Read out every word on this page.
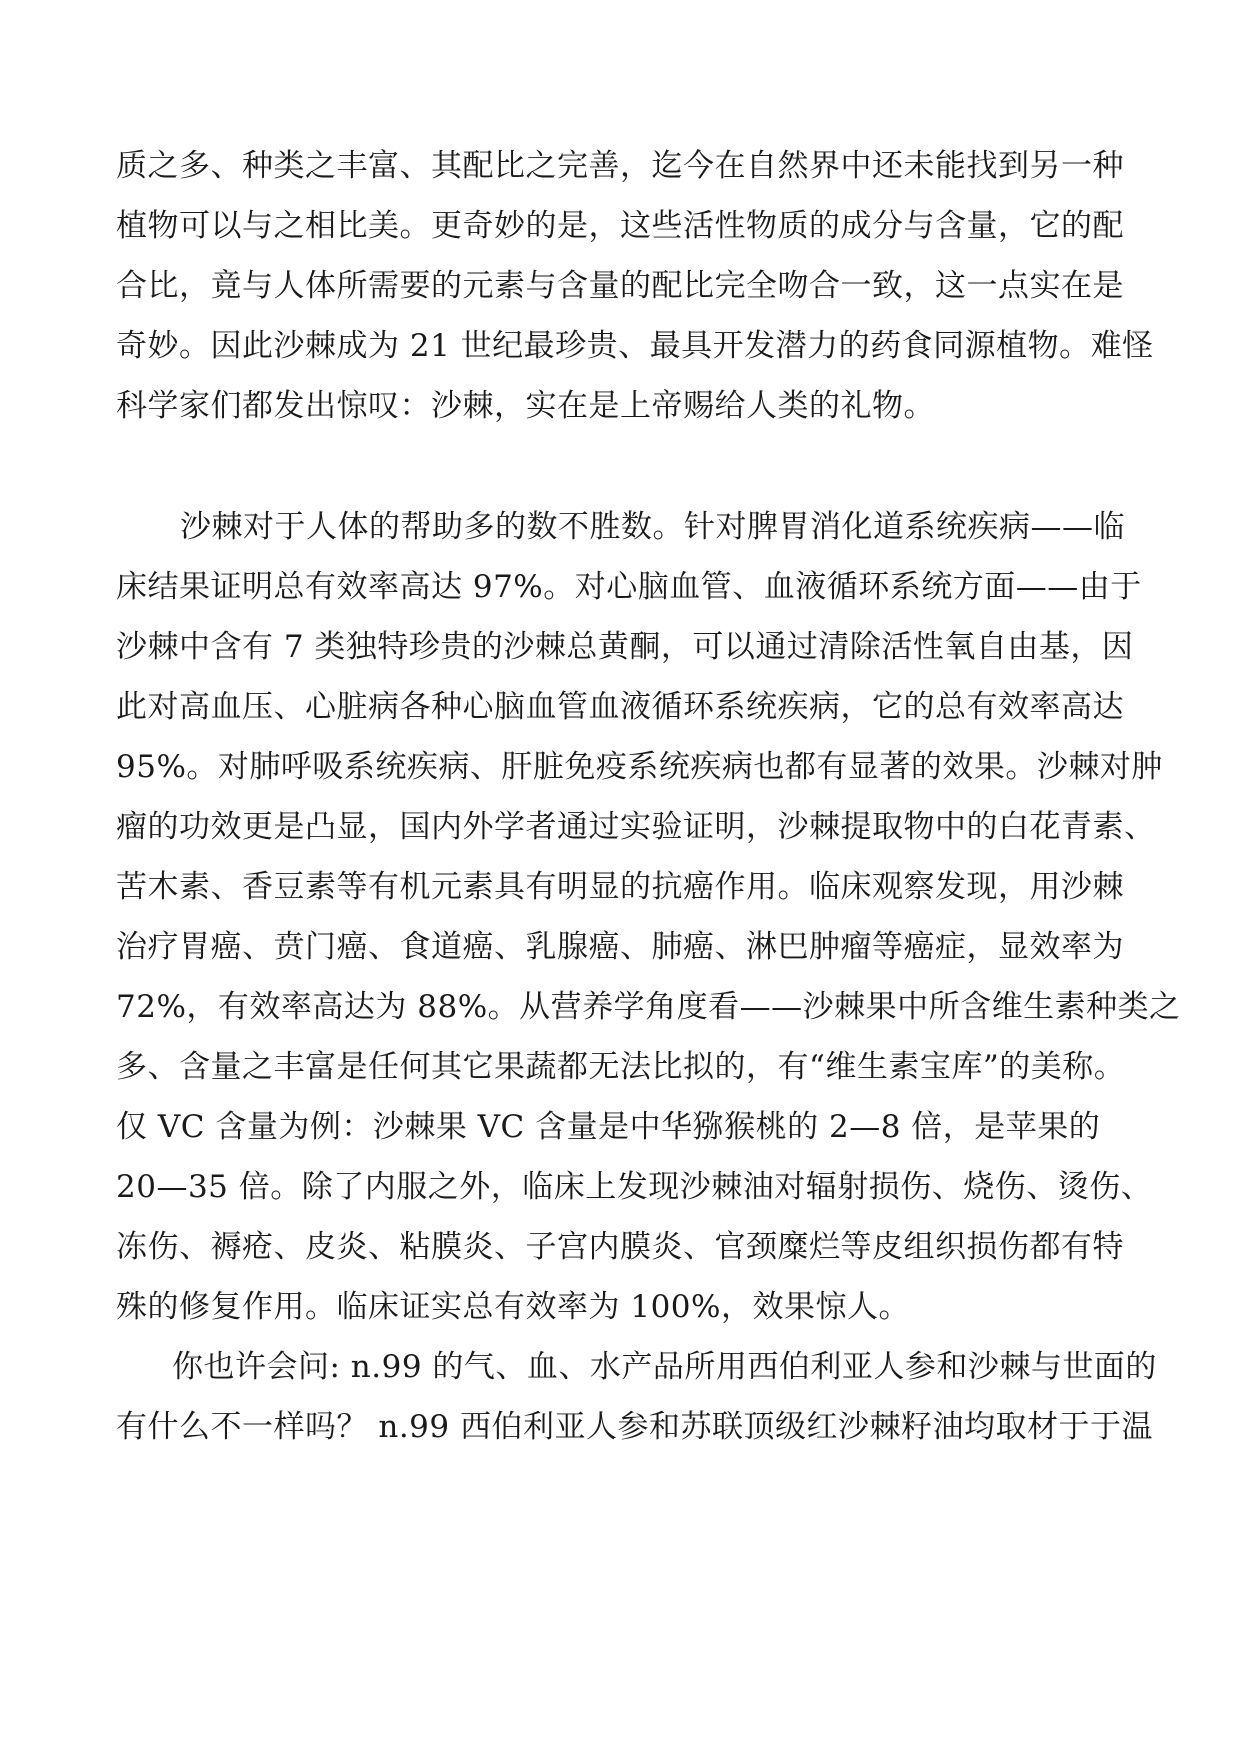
质之多、种类之丰富、其配比之完善，迄今在自然界中还未能找到另一种
植物可以与之相比美。更奇妙的是，这些活性物质的成分与含量，它的配
合比，竟与人体所需要的元素与含量的配比完全吻合一致，这一点实在是
奇妙。因此沙棘成为 21 世纪最珍贵、最具开发潜力的药食同源植物。难怪
科学家们都发出惊叹：沙棘，实在是上帝赐给人类的礼物。
沙棘对于人体的帮助多的数不胜数。针对脾胃消化道系统疾病——临
床结果证明总有效率高达 97%。对心脑血管、血液循环系统方面——由于
沙棘中含有 7 类独特珍贵的沙棘总黄酮，可以通过清除活性氧自由基，因
此对高血压、心脏病各种心脑血管血液循环系统疾病，它的总有效率高达
95%。对肺呼吸系统疾病、肝脏免疫系统疾病也都有显著的效果。沙棘对肿
瘤的功效更是凸显，国内外学者通过实验证明，沙棘提取物中的白花青素、
苦木素、香豆素等有机元素具有明显的抗癌作用。临床观察发现，用沙棘
治疗胃癌、贲门癌、食道癌、乳腺癌、肺癌、淋巴肿瘤等癌症，显效率为
72%，有效率高达为 88%。从营养学角度看——沙棘果中所含维生素种类之
多、含量之丰富是任何其它果蔬都无法比拟的，有“维生素宝库”的美称。
仅 VC 含量为例：沙棘果 VC 含量是中华猕猴桃的 2—8 倍，是苹果的
20—35 倍。除了内服之外，临床上发现沙棘油对辐射损伤、烧伤、烫伤、
冻伤、褥疮、皮炎、粘膜炎、子宫内膜炎、官颈糜烂等皮组织损伤都有特
殊的修复作用。临床证实总有效率为 100%，效果惊人。
你也许会问: n.99 的气、血、水产品所用西伯利亚人参和沙棘与世面的
有什么不一样吗？ n.99 西伯利亚人参和苏联顶级红沙棘籽油均取材于于温
